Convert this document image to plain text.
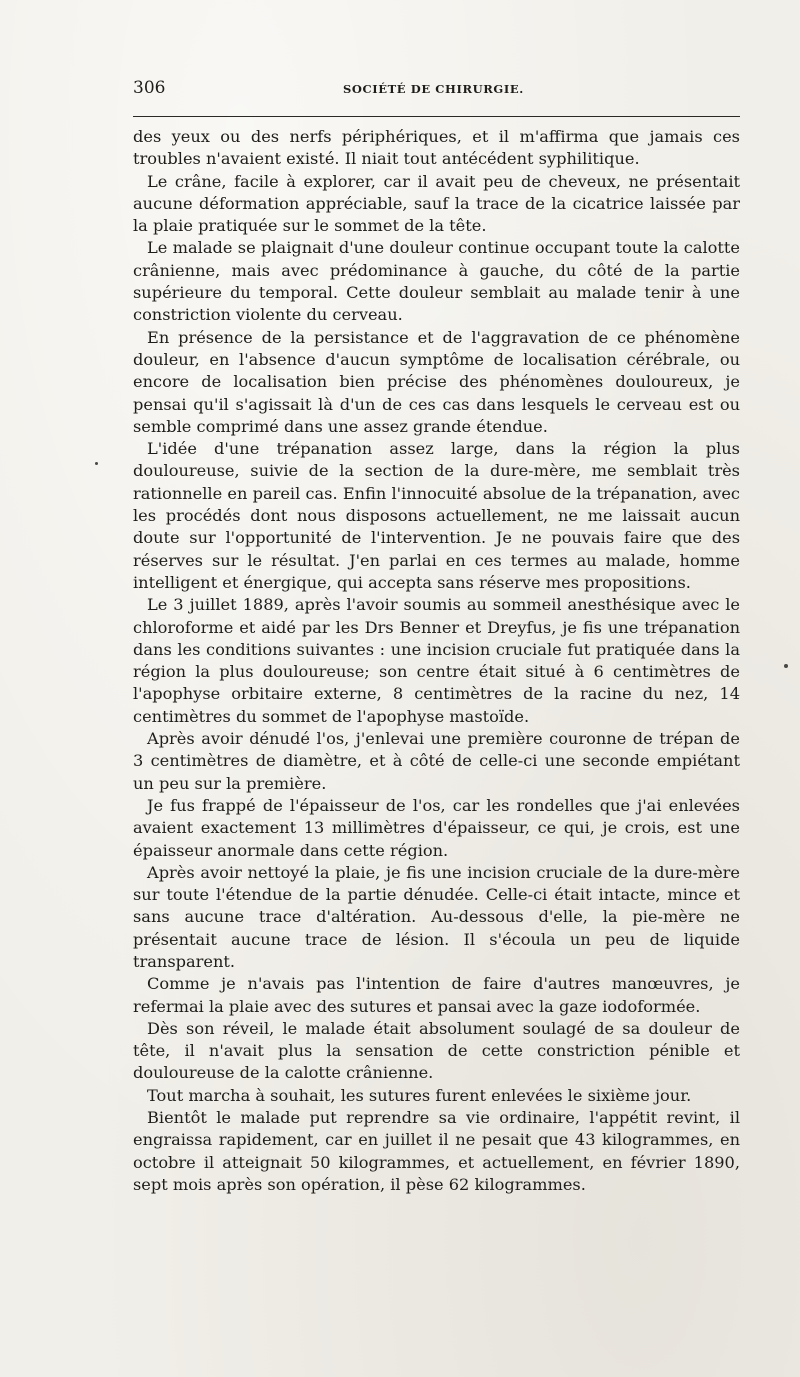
306	SOCIÉTÉ DE CHIRURGIE.

des yeux ou des nerfs périphériques, et il m'affirma que jamais ces troubles n'avaient existé. Il niait tout antécédent syphilitique.

Le crâne, facile à explorer, car il avait peu de cheveux, ne présentait aucune déformation appréciable, sauf la trace de la cicatrice laissée par la plaie pratiquée sur le sommet de la tête.

Le malade se plaignait d'une douleur continue occupant toute la calotte crânienne, mais avec prédominance à gauche, du côté de la partie supérieure du temporal. Cette douleur semblait au malade tenir à une constriction violente du cerveau.

En présence de la persistance et de l'aggravation de ce phénomène douleur, en l'absence d'aucun symptôme de localisation cérébrale, ou encore de localisation bien précise des phénomènes douloureux, je pensai qu'il s'agissait là d'un de ces cas dans lesquels le cerveau est ou semble comprimé dans une assez grande étendue.

L'idée d'une trépanation assez large, dans la région la plus douloureuse, suivie de la section de la dure-mère, me semblait très rationnelle en pareil cas. Enfin l'innocuité absolue de la trépanation, avec les procédés dont nous disposons actuellement, ne me laissait aucun doute sur l'opportunité de l'intervention. Je ne pouvais faire que des réserves sur le résultat. J'en parlai en ces termes au malade, homme intelligent et énergique, qui accepta sans réserve mes propositions.

Le 3 juillet 1889, après l'avoir soumis au sommeil anesthésique avec le chloroforme et aidé par les Drs Benner et Dreyfus, je fis une trépanation dans les conditions suivantes : une incision cruciale fut pratiquée dans la région la plus douloureuse; son centre était situé à 6 centimètres de l'apophyse orbitaire externe, 8 centimètres de la racine du nez, 14 centimètres du sommet de l'apophyse mastoïde.

Après avoir dénudé l'os, j'enlevai une première couronne de trépan de 3 centimètres de diamètre, et à côté de celle-ci une seconde empiétant un peu sur la première.

Je fus frappé de l'épaisseur de l'os, car les rondelles que j'ai enlevées avaient exactement 13 millimètres d'épaisseur, ce qui, je crois, est une épaisseur anormale dans cette région.

Après avoir nettoyé la plaie, je fis une incision cruciale de la dure-mère sur toute l'étendue de la partie dénudée. Celle-ci était intacte, mince et sans aucune trace d'altération. Au-dessous d'elle, la pie-mère ne présentait aucune trace de lésion. Il s'écoula un peu de liquide transparent.

Comme je n'avais pas l'intention de faire d'autres manœuvres, je refermai la plaie avec des sutures et pansai avec la gaze iodoformée.

Dès son réveil, le malade était absolument soulagé de sa douleur de tête, il n'avait plus la sensation de cette constriction pénible et douloureuse de la calotte crânienne.

Tout marcha à souhait, les sutures furent enlevées le sixième jour.

Bientôt le malade put reprendre sa vie ordinaire, l'appétit revint, il engraissa rapidement, car en juillet il ne pesait que 43 kilogrammes, en octobre il atteignait 50 kilogrammes, et actuellement, en février 1890, sept mois après son opération, il pèse 62 kilogrammes.
